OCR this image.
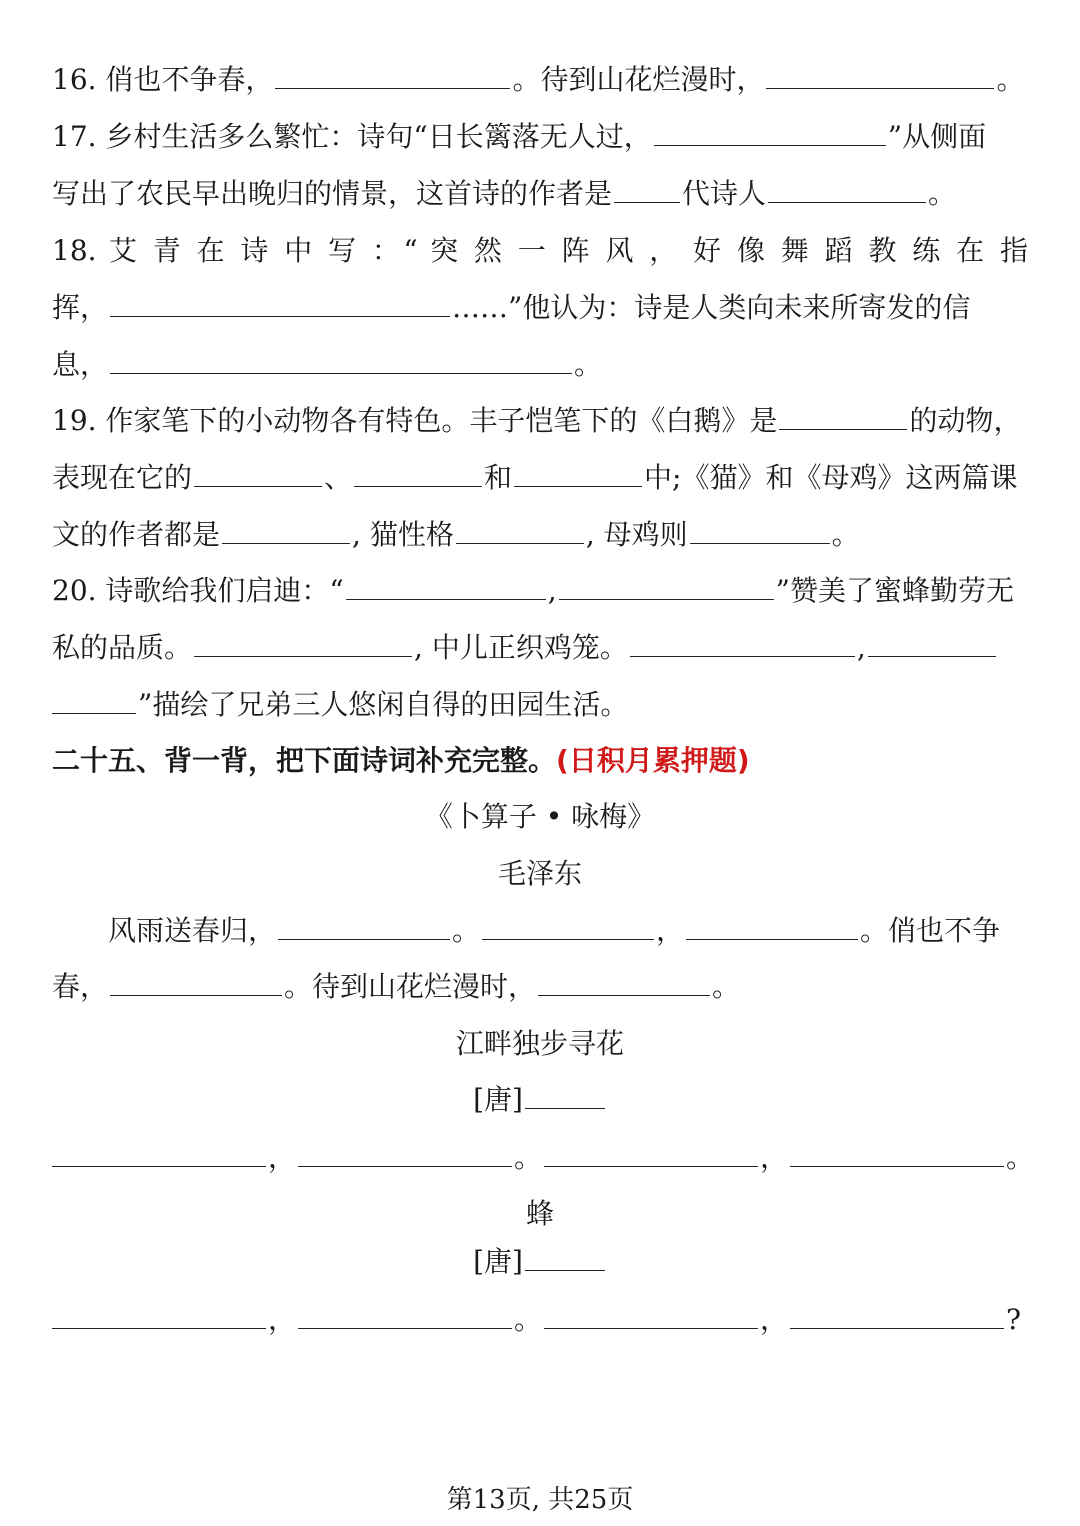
16. 俏也不争春，	。待到山花烂漫时，	。
17. 乡村生活多么繁忙：诗句“日长篱落无人过，	”从侧面
写出了农民早出晚归的情景，这首诗的作者是	代诗人	。
18. 艾 青 在 诗 中 写 ：“ 突 然 一 阵 风 ， 好 像 舞 蹈 教 练 在 指
挥，	……”他认为：诗是人类向未来所寄发的信
息，	。
19. 作家笔下的小动物各有特色。丰子恺笔下的《白鹅》是	的动物，
表现在它的	、	和	中;《猫》和《母鸡》这两篇课
文的作者都是	, 猫性格	, 母鸡则	。
20. 诗歌给我们启迪：“	,	”赞美了蜜蜂勤劳无
私的品质。	, 中儿正织鸡笼。	,
”描绘了兄弟三人悠闲自得的田园生活。
二十五、背一背，把下面诗词补充完整。(日积月累押题)
《卜算子 • 咏梅》
毛泽东
风雨送春归，	。	，	。俏也不争
春，	。待到山花烂漫时，	。
江畔独步寻花
[唐]
，	。	，	。
蜂
[唐]
，	。	，	?
第13页, 共25页
